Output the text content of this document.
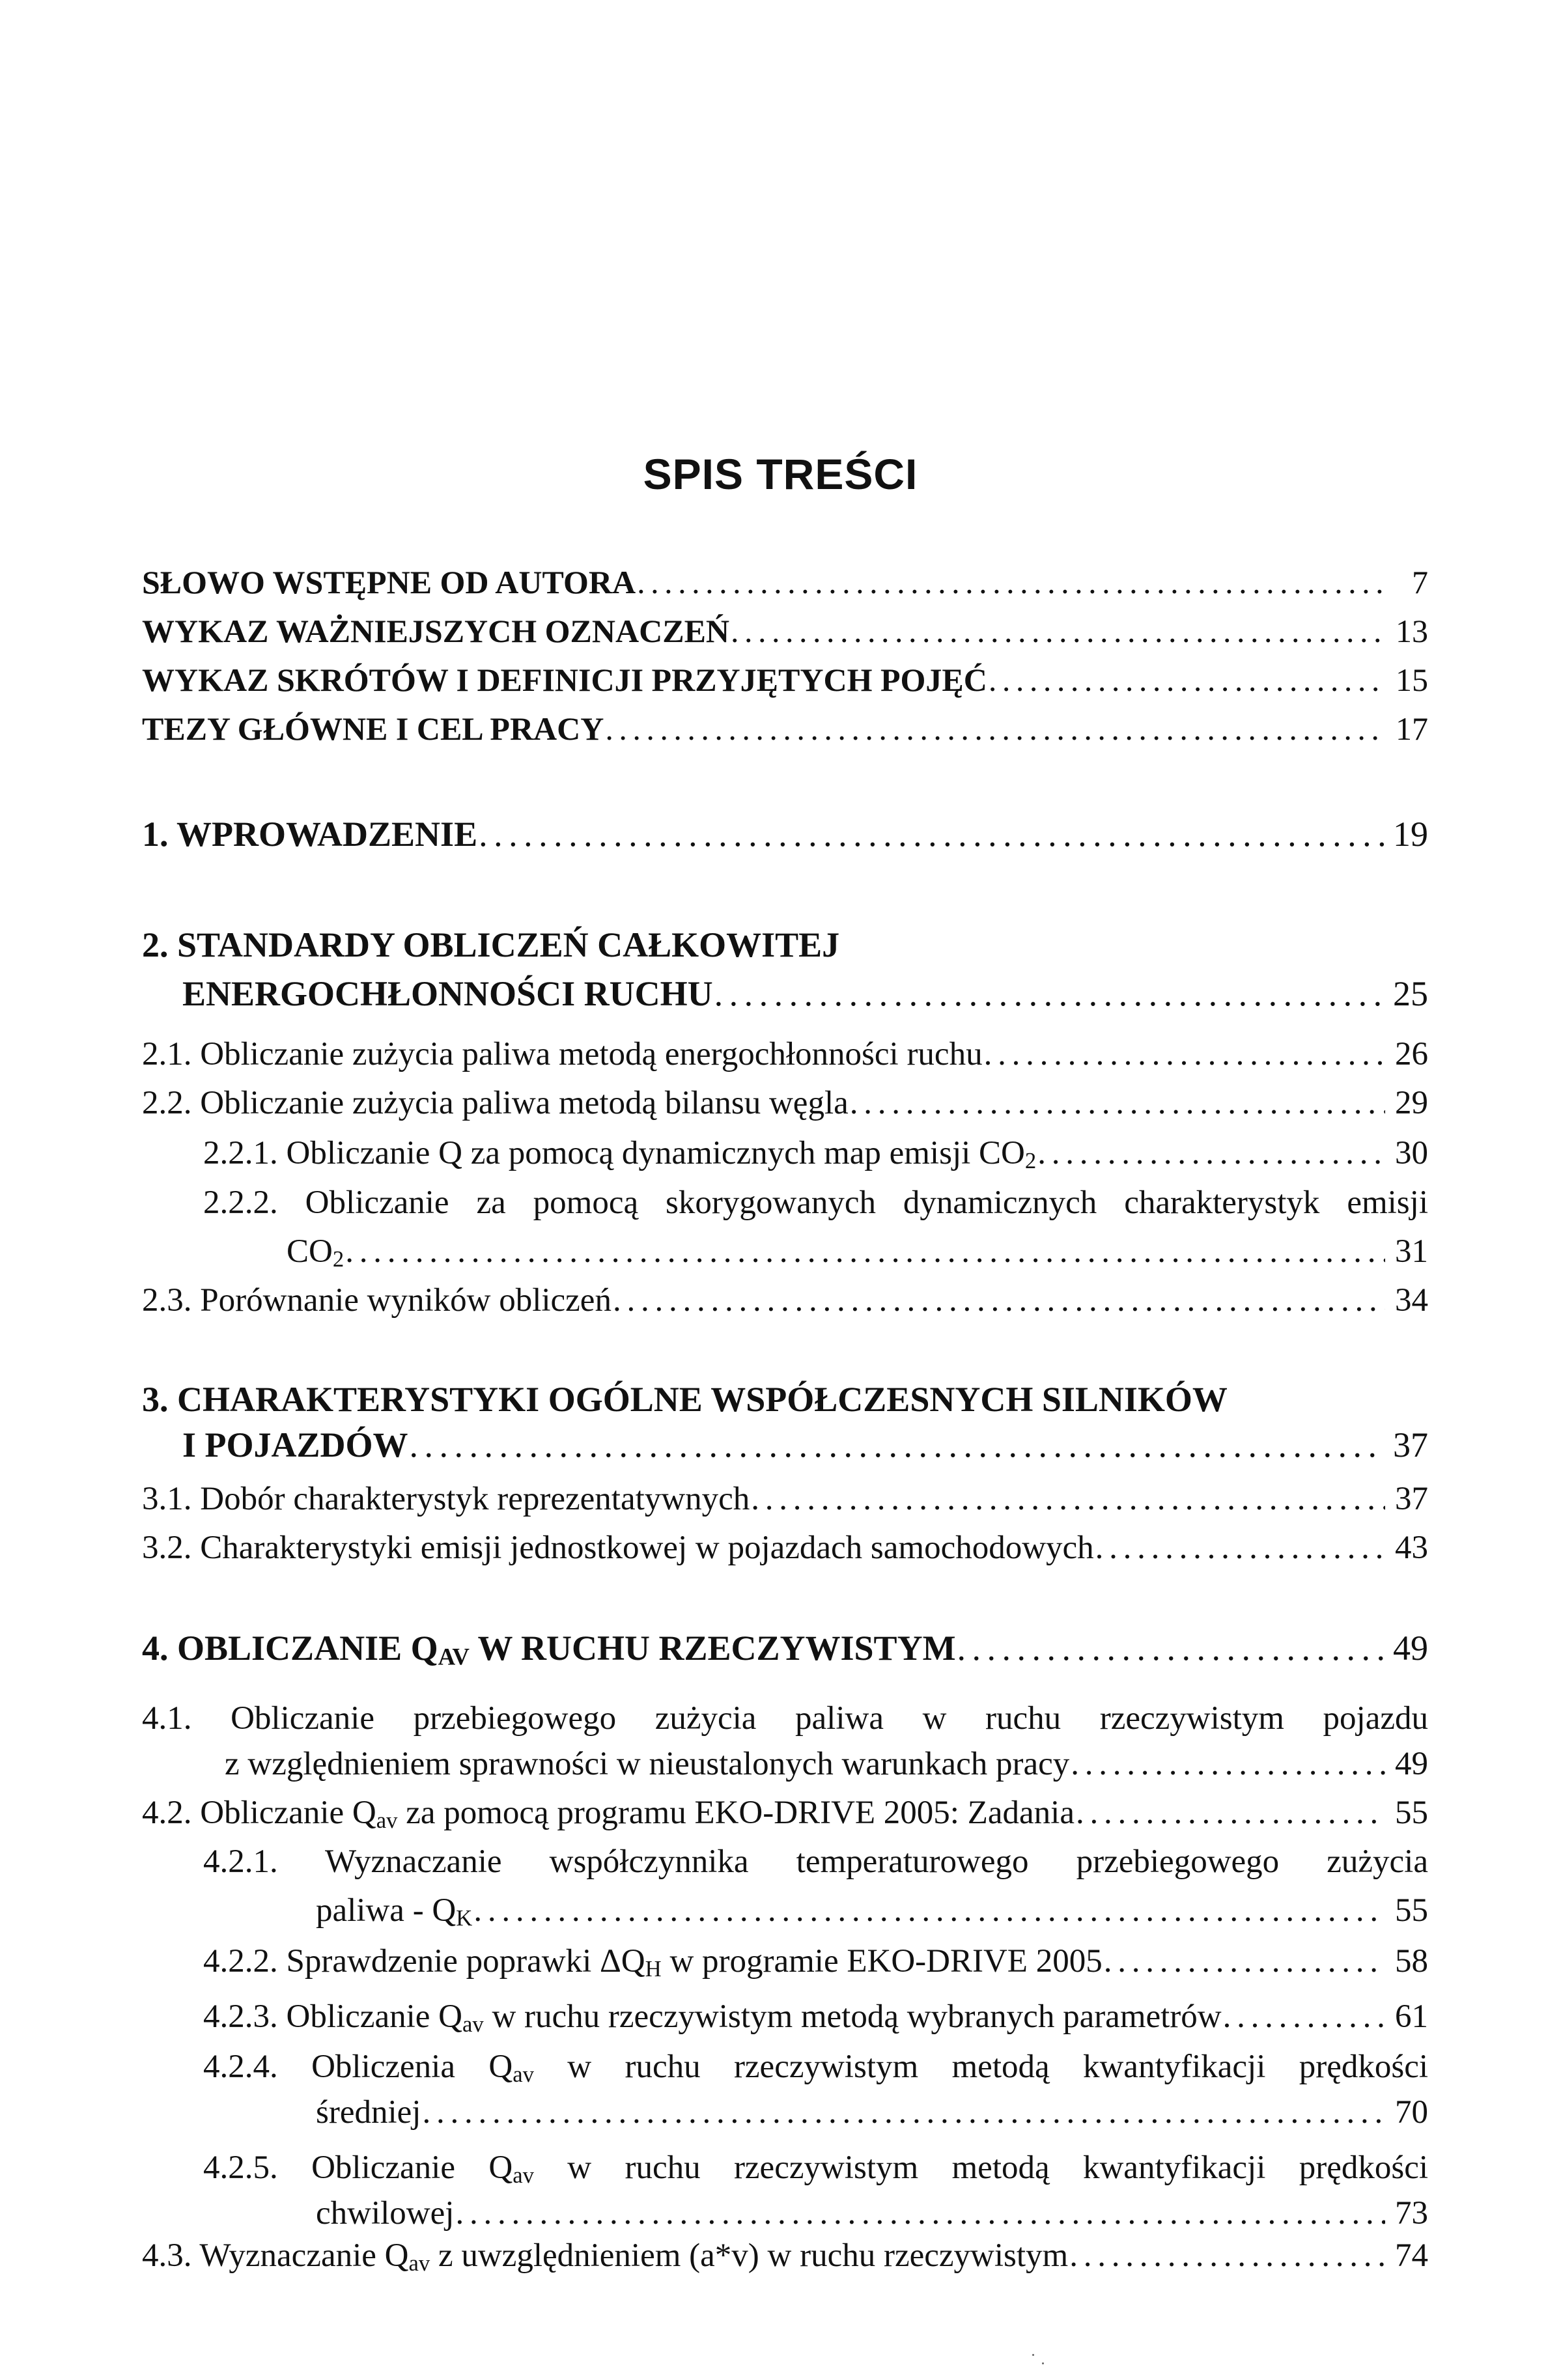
SPIS TREŚCI
SŁOWO WSTĘPNE OD AUTORA . . .	7
WYKAZ WAŻNIEJSZYCH OZNACZEŃ . . .	13
WYKAZ SKRÓTÓW I DEFINICJI PRZYJĘTYCH POJĘĆ . . .	15
TEZY GŁÓWNE I CEL PRACY . . .	17
1. WPROWADZENIE . . .	19
2. STANDARDY OBLICZEŃ CAŁKOWITEJ
ENERGOCHŁONNOŚCI RUCHU . . .	25
2.1. Obliczanie zużycia paliwa metodą energochłonności ruchu . . .	26
2.2. Obliczanie zużycia paliwa metodą bilansu węgla . . .	29
2.2.1. Obliczanie Q za pomocą dynamicznych map emisji $CO_2$ . . .	30
2.2.2. Obliczanie za pomocą skorygowanych dynamicznych charakterystyk emisji
$CO_2$ . . .	31
2.3. Porównanie wyników obliczeń . . .	34
3. CHARAKTERYSTYKI OGÓLNE WSPÓŁCZESNYCH SILNIKÓW
I POJAZDÓW . . .	37
3.1. Dobór charakterystyk reprezentatywnych . . .	37
3.2. Charakterystyki emisji jednostkowej w pojazdach samochodowych . . .	43
4. OBLICZANIE $Q_{AV}$ W RUCHU RZECZYWISTYM . . .	49
4.1. Obliczanie przebiegowego zużycia paliwa w ruchu rzeczywistym pojazdu
z względnieniem sprawności w nieustalonych warunkach pracy . . .	49
4.2. Obliczanie $Q_{av}$ za pomocą programu EKO-DRIVE 2005: Zadania . . .	55
4.2.1. Wyznaczanie współczynnika temperaturowego przebiegowego zużycia
paliwa - $Q_K$ . . .	55
4.2.2. Sprawdzenie poprawki $\Delta Q_H$ w programie EKO-DRIVE 2005 . . .	58
4.2.3. Obliczanie $Q_{av}$ w ruchu rzeczywistym metodą wybranych parametrów . . .	61
4.2.4. Obliczenia $Q_{av}$ w ruchu rzeczywistym metodą kwantyfikacji prędkości
średniej . . .	70
4.2.5. Obliczanie $Q_{av}$ w ruchu rzeczywistym metodą kwantyfikacji prędkości
chwilowej . . .	73
4.3. Wyznaczanie $Q_{av}$ z uwzględnieniem (a*v) w ruchu rzeczywistym . . .	74
